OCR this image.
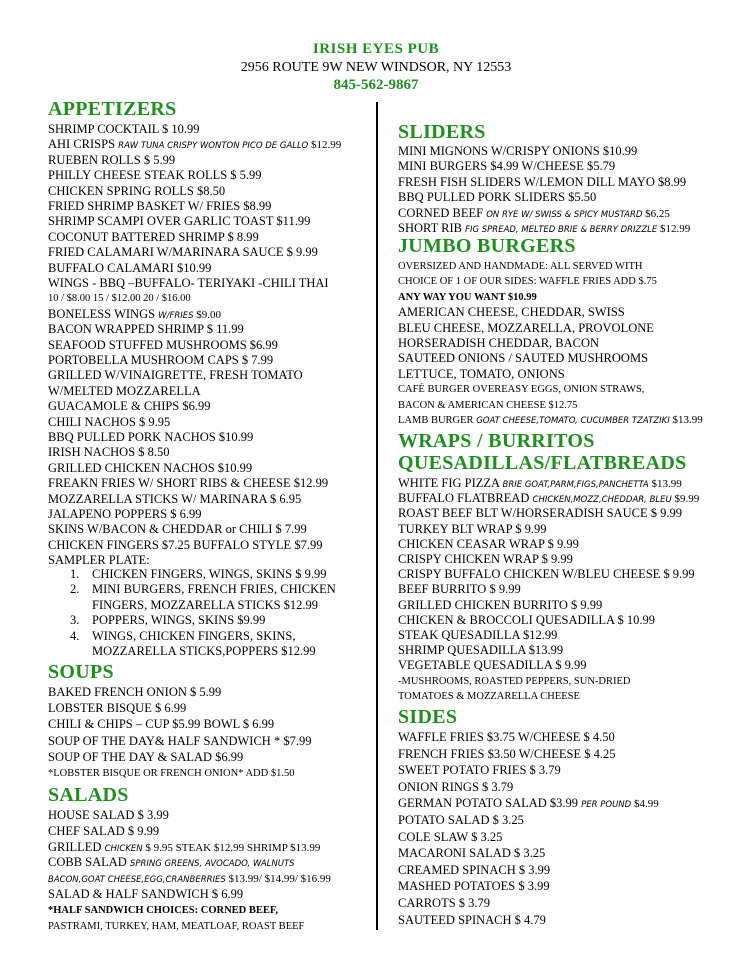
IRISH EYES PUB
2956 ROUTE 9W NEW WINDSOR, NY 12553
845-562-9867
APPETIZERS
SHRIMP COCKTAIL $ 10.99
AHI CRISPS RAW TUNA CRISPY WONTON PICO DE GALLO $12.99
RUEBEN ROLLS $ 5.99
PHILLY CHEESE STEAK ROLLS $ 5.99
CHICKEN SPRING ROLLS $8.50
FRIED SHRIMP BASKET W/ FRIES $8.99
SHRIMP SCAMPI OVER GARLIC TOAST $11.99
COCONUT BATTERED SHRIMP $ 8.99
FRIED CALAMARI W/MARINARA SAUCE $ 9.99
BUFFALO CALAMARI $10.99
WINGS - BBQ –BUFFALO- TERIYAKI -CHILI THAI
10 / $8.00 15 / $12.00 20 / $16.00
BONELESS WINGS W/FRIES $9.00
BACON WRAPPED SHRIMP $ 11.99
SEAFOOD STUFFED MUSHROOMS $6.99
PORTOBELLA MUSHROOM CAPS $ 7.99
GRILLED W/VINAIGRETTE, FRESH TOMATO
W/MELTED MOZZARELLA
GUACAMOLE & CHIPS $6.99
CHILI NACHOS $ 9.95
BBQ PULLED PORK NACHOS $10.99
IRISH NACHOS $ 8.50
GRILLED CHICKEN NACHOS $10.99
FREAKN FRIES W/ SHORT RIBS & CHEESE $12.99
MOZZARELLA STICKS W/ MARINARA $ 6.95
JALAPENO POPPERS $ 6.99
SKINS W/BACON & CHEDDAR or CHILI $ 7.99
CHICKEN FINGERS $7.25 BUFFALO STYLE $7.99
SAMPLER PLATE:
1. CHICKEN FINGERS, WINGS, SKINS $ 9.99
2. MINI BURGERS, FRENCH FRIES, CHICKEN
FINGERS, MOZZARELLA STICKS $12.99
3. POPPERS, WINGS, SKINS $9.99
4. WINGS, CHICKEN FINGERS, SKINS,
MOZZARELLA STICKS,POPPERS $12.99
SOUPS
BAKED FRENCH ONION $ 5.99
LOBSTER BISQUE $ 6.99
CHILI & CHIPS – CUP $5.99 BOWL $ 6.99
SOUP OF THE DAY& HALF SANDWICH * $7.99
SOUP OF THE DAY & SALAD $6.99
*LOBSTER BISQUE OR FRENCH ONION* ADD $1.50
SALADS
HOUSE SALAD $ 3.99
CHEF SALAD $ 9.99
GRILLED CHICKEN $ 9.95 STEAK $12.99 SHRIMP $13.99
COBB SALAD SPRING GREENS, AVOCADO, WALNUTS
BACON,GOAT CHEESE,EGG,CRANBERRIES $13.99/ $14.99/ $16.99
SALAD & HALF SANDWICH $ 6.99
*HALF SANDWICH CHOICES: CORNED BEEF,
PASTRAMI, TURKEY, HAM, MEATLOAF, ROAST BEEF
SLIDERS
MINI MIGNONS W/CRISPY ONIONS $10.99
MINI BURGERS $4.99 W/CHEESE $5.79
FRESH FISH SLIDERS W/LEMON DILL MAYO $8.99
BBQ PULLED PORK SLIDERS $5.50
CORNED BEEF ON RYE W/ SWISS & SPICY MUSTARD $6.25
SHORT RIB FIG SPREAD, MELTED BRIE & BERRY DRIZZLE $12.99
JUMBO BURGERS
OVERSIZED AND HANDMADE: ALL SERVED WITH
CHOICE OF 1 OF OUR SIDES: WAFFLE FRIES ADD $.75
ANY WAY YOU WANT $10.99
AMERICAN CHEESE, CHEDDAR, SWISS
BLEU CHEESE, MOZZARELLA, PROVOLONE
HORSERADISH CHEDDAR, BACON
SAUTEED ONIONS / SAUTED MUSHROOMS
LETTUCE, TOMATO, ONIONS
CAFÉ BURGER OVEREASY EGGS, ONION STRAWS,
BACON & AMERICAN CHEESE $12.75
LAMB BURGER GOAT CHEESE,TOMATO, CUCUMBER TZATZIKI $13.99
WRAPS / BURRITOS
QUESADILLAS/FLATBREADS
WHITE FIG PIZZA BRIE GOAT,PARM,FIGS,PANCHETTA $13.99
BUFFALO FLATBREAD CHICKEN,MOZZ,CHEDDAR, BLEU $9.99
ROAST BEEF BLT W/HORSERADISH SAUCE $ 9.99
TURKEY BLT WRAP $ 9.99
CHICKEN CEASAR WRAP $ 9.99
CRISPY CHICKEN WRAP $ 9.99
CRISPY BUFFALO CHICKEN W/BLEU CHEESE $ 9.99
BEEF BURRITO $ 9.99
GRILLED CHICKEN BURRITO $ 9.99
CHICKEN & BROCCOLI QUESADILLA $ 10.99
STEAK QUESADILLA $12.99
SHRIMP QUESADILLA $13.99
VEGETABLE QUESADILLA $ 9.99
-MUSHROOMS, ROASTED PEPPERS, SUN-DRIED
TOMATOES & MOZZARELLA CHEESE
SIDES
WAFFLE FRIES $3.75 W/CHEESE $ 4.50
FRENCH FRIES $3.50 W/CHEESE $ 4.25
SWEET POTATO FRIES $ 3.79
ONION RINGS $ 3.79
GERMAN POTATO SALAD $3.99 PER POUND $4.99
POTATO SALAD $ 3.25
COLE SLAW $ 3.25
MACARONI SALAD $ 3.25
CREAMED SPINACH $ 3.99
MASHED POTATOES $ 3.99
CARROTS $ 3.79
SAUTEED SPINACH $ 4.79
